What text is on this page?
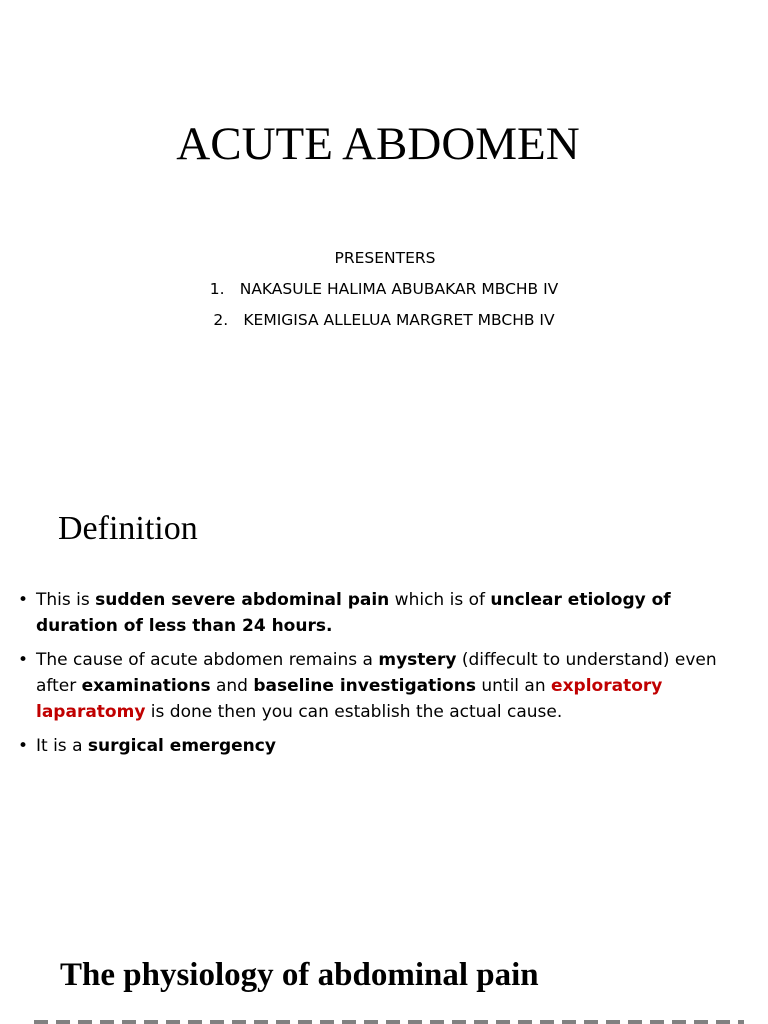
ACUTE ABDOMEN
PRESENTERS
1. NAKASULE HALIMA ABUBAKAR MBCHB IV
2. KEMIGISA ALLELUA MARGRET MBCHB IV
Definition
• This is sudden severe abdominal pain which is of unclear etiology of duration of less than 24 hours.
• The cause of acute abdomen remains a mystery (diffecult to understand) even after examinations and baseline investigations until an exploratory laparatomy is done then you can establish the actual cause.
• It is a surgical emergency
The physiology of abdominal pain
